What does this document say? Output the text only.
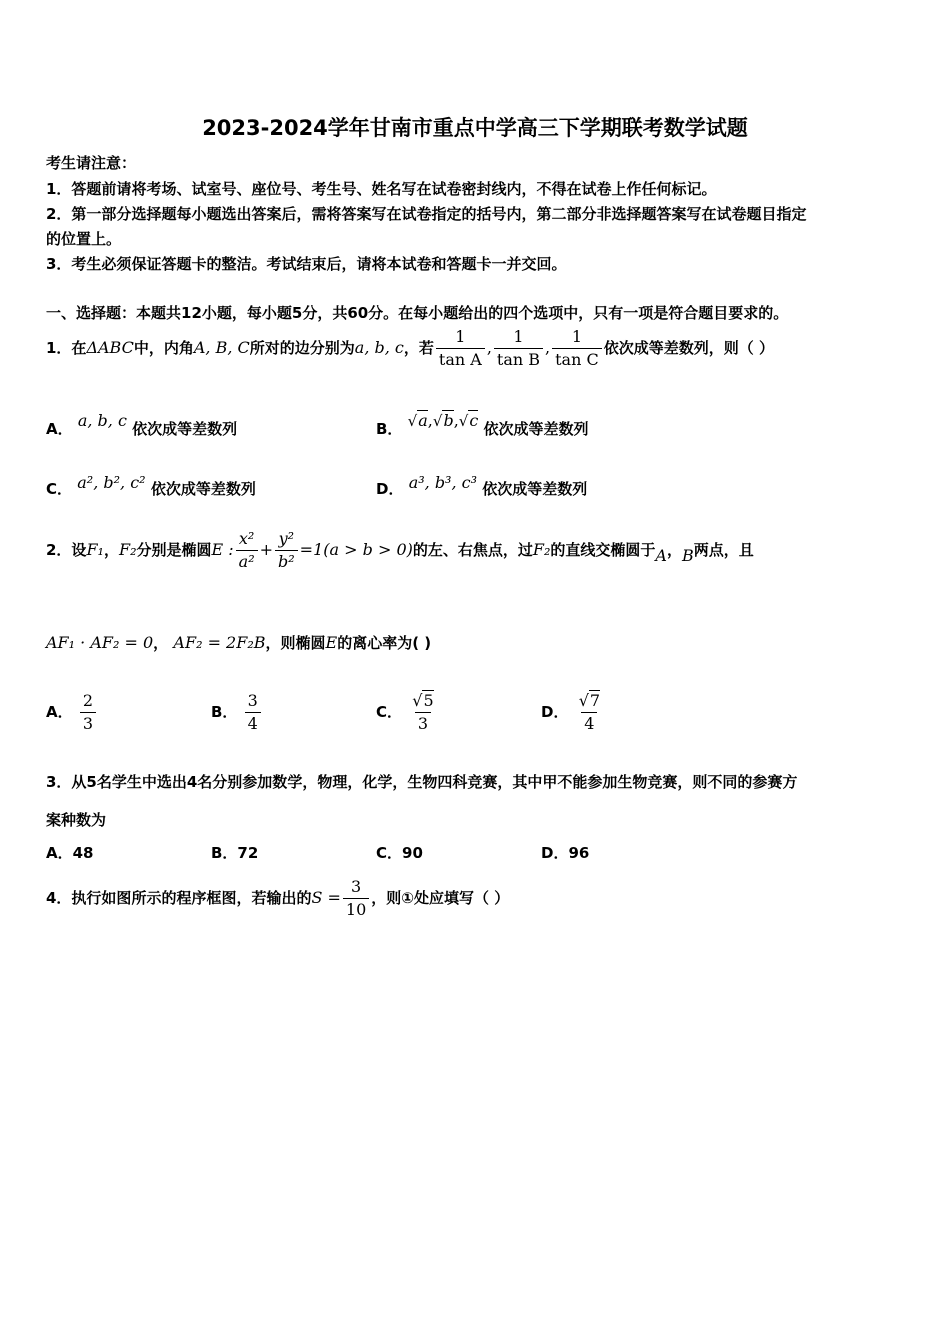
2023-2024学年甘南市重点中学高三下学期联考数学试题
考生请注意：
1．答题前请将考场、试室号、座位号、考生号、姓名写在试卷密封线内，不得在试卷上作任何标记。
2．第一部分选择题每小题选出答案后，需将答案写在试卷指定的括号内，第二部分非选择题答案写在试卷题目指定
的位置上。
3．考生必须保证答题卡的整洁。考试结束后，请将本试卷和答题卡一并交回。
一、选择题：本题共12小题，每小题5分，共60分。在每小题给出的四个选项中，只有一项是符合题目要求的。
1．在ΔABC中，内角A, B, C所对的边分别为a, b, c，若 $\frac{1}{\text{tan A}}$ , $\frac{1}{\text{tan B}}$ , $\frac{1}{\text{tan C}}$ 依次成等差数列，则（ ）
A． a, b, c 依次成等差数列	B． √a,√b,√c 依次成等差数列
C． a², b², c² 依次成等差数列	D． a³, b³, c³ 依次成等差数列
2．设F₁，F₂分别是椭圆E : $\frac{\text{x²}}{\text{a²}} + \frac{\text{y²}}{\text{b²}} =1(a > b > 0)$的左、右焦点，过F₂的直线交椭圆于A，B两点，且
AF₁ · AF₂ = 0， AF₂ = 2F₂B，则椭圆E的离心率为( )
A． $\frac{2}{3}$	B． $\frac{3}{4}$	C． $\frac{√5}{3}$	D． $\frac{√7}{4}$
3．从5名学生中选出4名分别参加数学，物理，化学，生物四科竞赛，其中甲不能参加生物竞赛，则不同的参赛方
案种数为
A．48	B．72	C．90	D．96
4．执行如图所示的程序框图，若输出的$S = \frac{3}{10}$ ，则①处应填写（ ）
